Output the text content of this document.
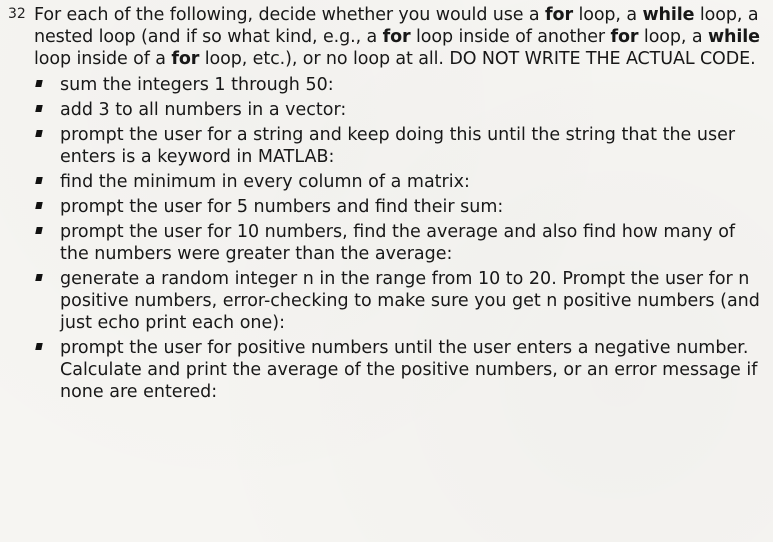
32 For each of the following, decide whether you would use a for loop, a while loop, a nested loop (and if so what kind, e.g., a for loop inside of another for loop, a while loop inside of a for loop, etc.), or no loop at all. DO NOT WRITE THE ACTUAL CODE.
sum the integers 1 through 50:
add 3 to all numbers in a vector:
prompt the user for a string and keep doing this until the string that the user enters is a keyword in MATLAB:
find the minimum in every column of a matrix:
prompt the user for 5 numbers and find their sum:
prompt the user for 10 numbers, find the average and also find how many of the numbers were greater than the average:
generate a random integer n in the range from 10 to 20. Prompt the user for n positive numbers, error-checking to make sure you get n positive numbers (and just echo print each one):
prompt the user for positive numbers until the user enters a negative number. Calculate and print the average of the positive numbers, or an error message if none are entered:
